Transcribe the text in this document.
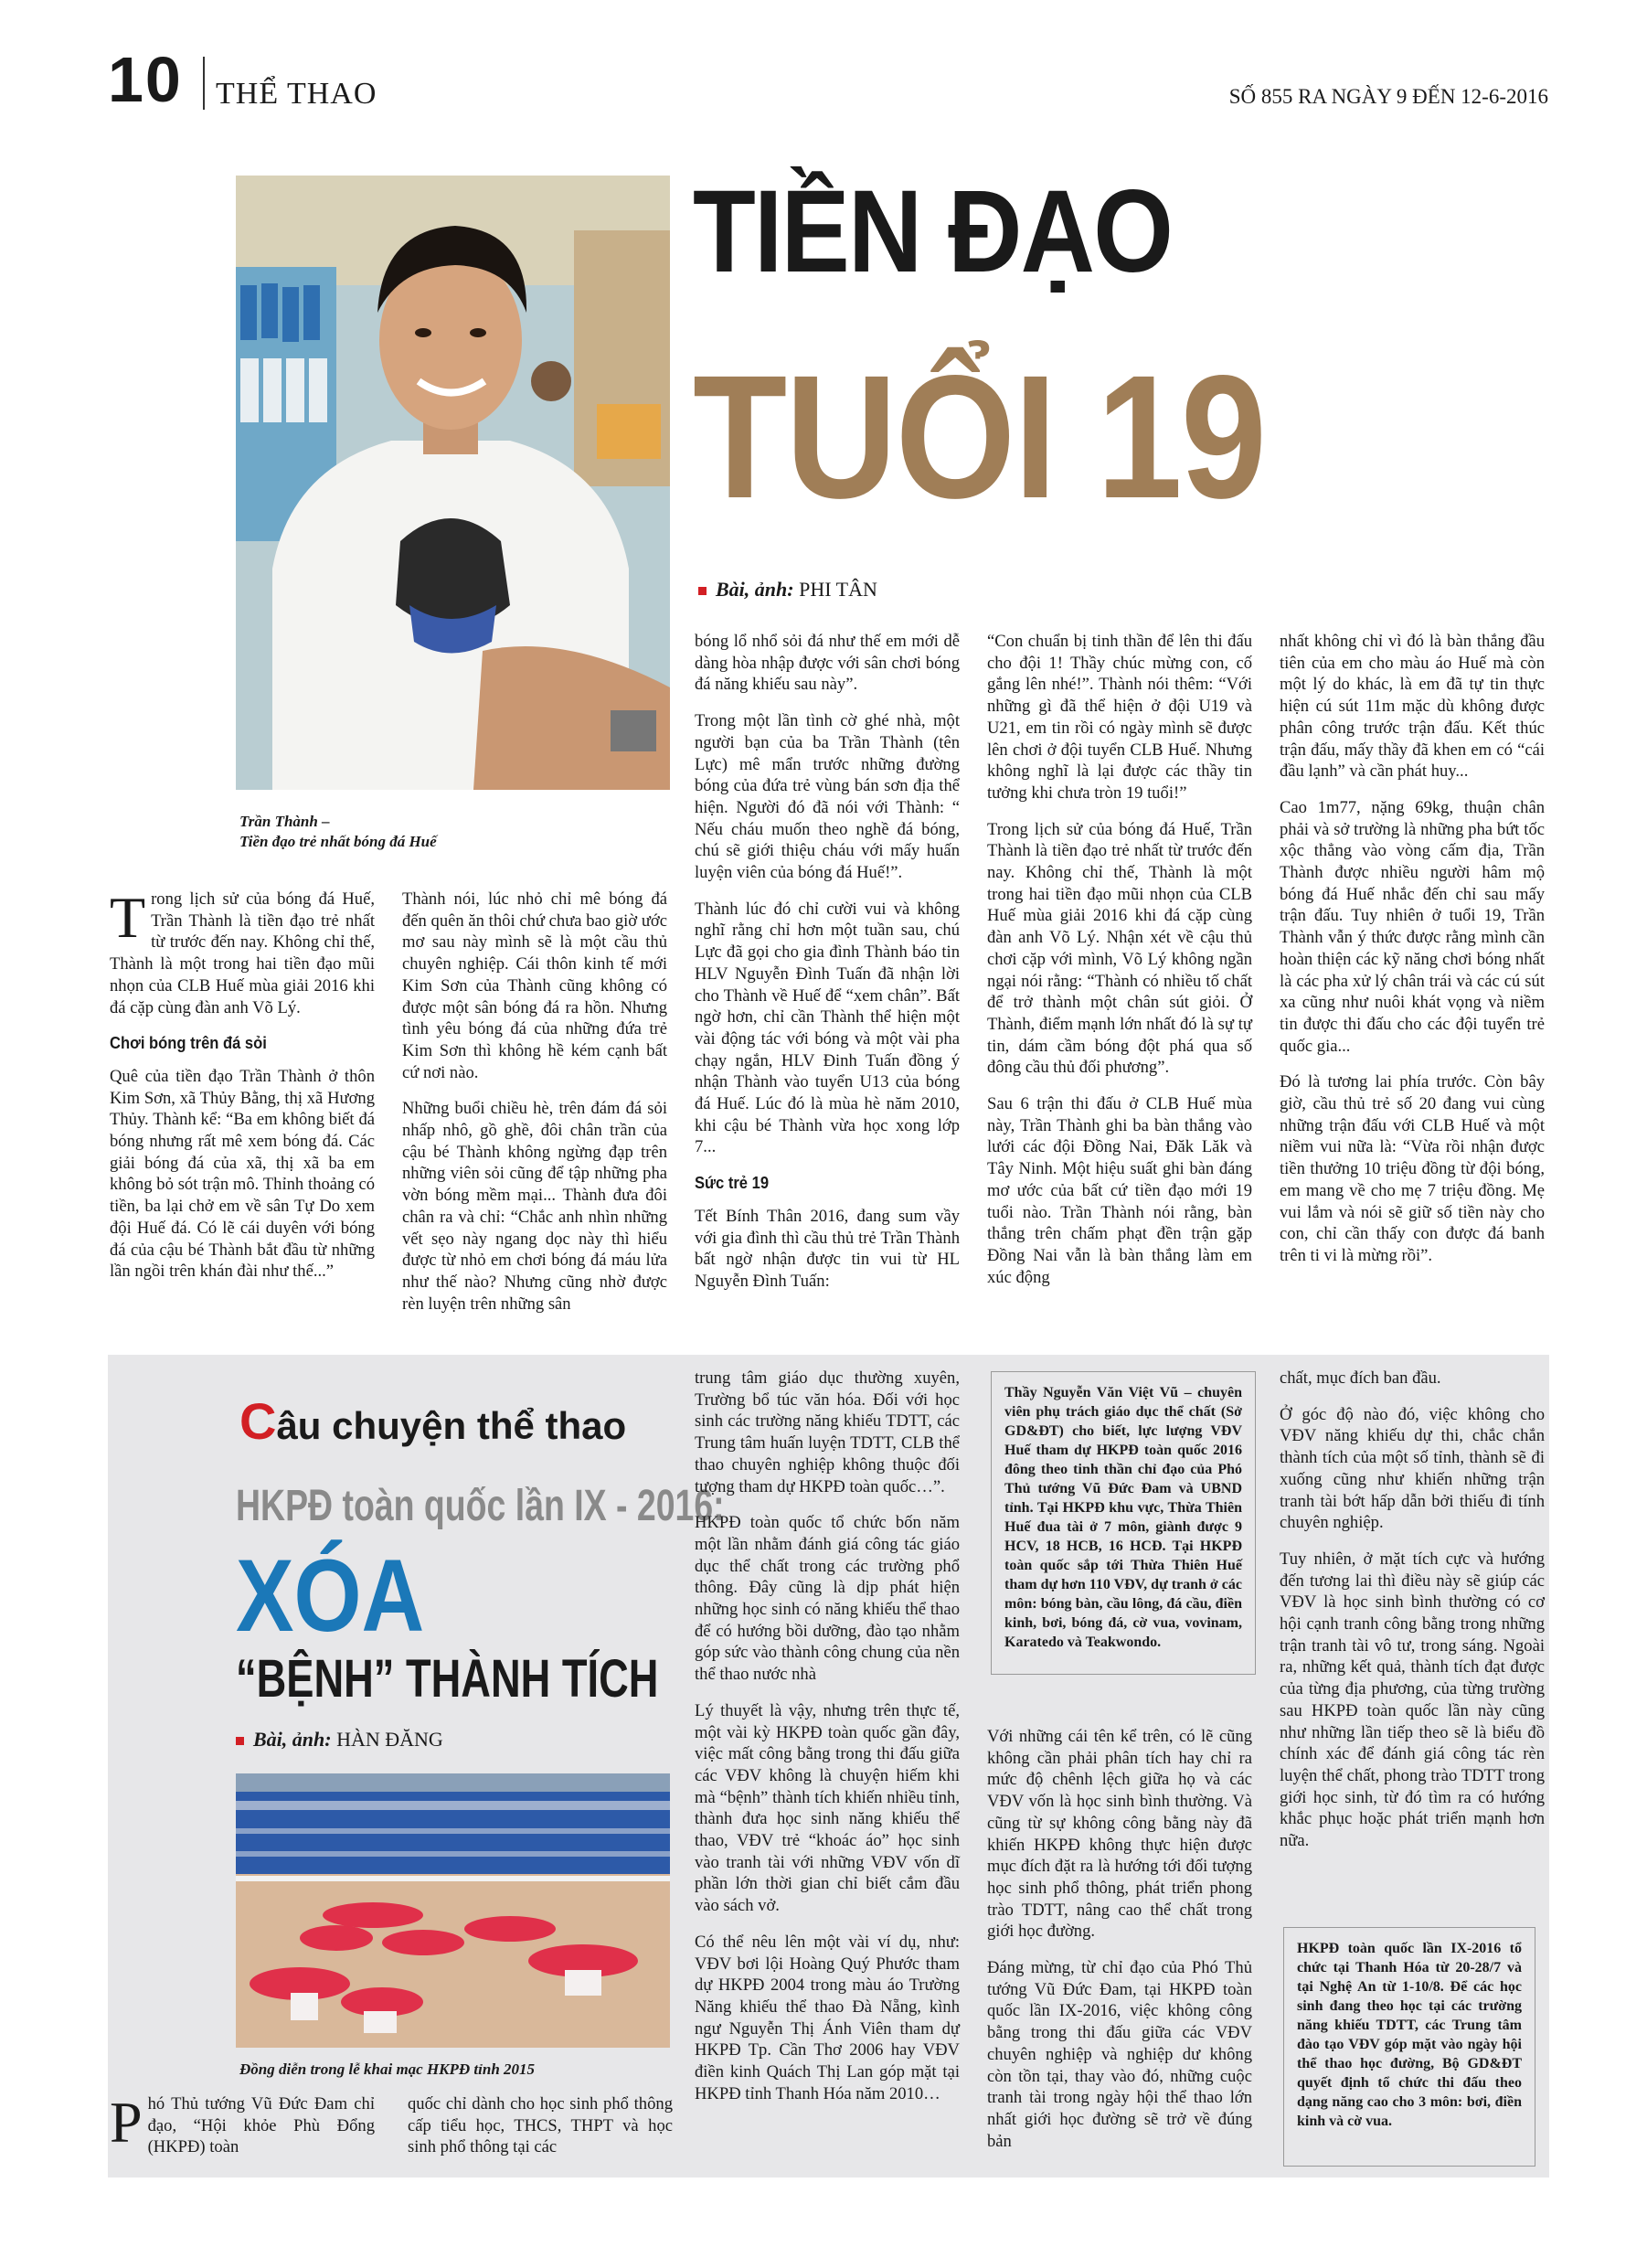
10 THỂ THAO	SỐ 855 RA NGÀY 9 ĐẾN 12-6-2016
Trần Thành –
Tiền đạo trẻ nhất bóng đá Huế
TIỀN ĐẠO
TUỔI 19
Bài, ảnh: PHI TÂN

Trong lịch sử của bóng đá Huế, Trần Thành là tiền đạo trẻ nhất từ trước đến nay. Không chỉ thế, Thành là một trong hai tiền đạo mũi nhọn của CLB Huế mùa giải 2016 khi đá cặp cùng đàn anh Võ Lý.

Chơi bóng trên đá sỏi

Quê của tiền đạo Trần Thành ở thôn Kim Sơn, xã Thủy Bằng, thị xã Hương Thủy. Thành kể: “Ba em không biết đá bóng nhưng rất mê xem bóng đá. Các giải bóng đá của xã, thị xã ba em không bỏ sót trận mô. Thỉnh thoảng có tiền, ba lại chở em về sân Tự Do xem đội Huế đá. Có lẽ cái duyên với bóng đá của cậu bé Thành bắt đầu từ những lần ngồi trên khán đài như thế...”

Thành nói, lúc nhỏ chỉ mê bóng đá đến quên ăn thôi chứ chưa bao giờ ước mơ sau này mình sẽ là một cầu thủ chuyên nghiệp. Cái thôn kinh tế mới Kim Sơn của Thành cũng không có được một sân bóng đá ra hồn. Nhưng tình yêu bóng đá của những đứa trẻ Kim Sơn thì không hề kém cạnh bất cứ nơi nào.

Những buổi chiều hè, trên đám đá sỏi nhấp nhô, gồ ghề, đôi chân trần của cậu bé Thành không ngừng đạp trên những viên sỏi cũng để tập những pha vờn bóng mềm mại... Thành đưa đôi chân ra và chỉ: “Chắc anh nhìn những vết sẹo này ngang dọc này thì hiểu được từ nhỏ em chơi bóng đá máu lửa như thế nào? Nhưng cũng nhờ được rèn luyện trên những sân

bóng lổ nhổ sỏi đá như thế em mới dễ dàng hòa nhập được với sân chơi bóng đá năng khiếu sau này”.

Trong một lần tình cờ ghé nhà, một người bạn của ba Trần Thành (tên Lực) mê mẩn trước những đường bóng của đứa trẻ vùng bán sơn địa thể hiện. Người đó đã nói với Thành: “ Nếu cháu muốn theo nghề đá bóng, chú sẽ giới thiệu cháu với mấy huấn luyện viên của bóng đá Huế!”.

Thành lúc đó chỉ cười vui và không nghĩ rằng chỉ hơn một tuần sau, chú Lực đã gọi cho gia đình Thành báo tin HLV Nguyễn Đình Tuấn đã nhận lời cho Thành về Huế để “xem chân”. Bất ngờ hơn, chỉ cần Thành thể hiện một vài động tác với bóng và một vài pha chạy ngắn, HLV Đinh Tuấn đồng ý nhận Thành vào tuyển U13 của bóng đá Huế. Lúc đó là mùa hè năm 2010, khi cậu bé Thành vừa học xong lớp 7...

Sức trẻ 19

Tết Bính Thân 2016, đang sum vầy với gia đình thì cầu thủ trẻ Trần Thành bất ngờ nhận được tin vui từ HL Nguyễn Đình Tuấn:

“Con chuẩn bị tinh thần để lên thi đấu cho đội 1! Thầy chúc mừng con, cố gắng lên nhé!”. Thành nói thêm: “Với những gì đã thể hiện ở đội U19 và U21, em tin rồi có ngày mình sẽ được lên chơi ở đội tuyển CLB Huế. Nhưng không nghĩ là lại được các thầy tin tưởng khi chưa tròn 19 tuổi!”

Trong lịch sử của bóng đá Huế, Trần Thành là tiền đạo trẻ nhất từ trước đến nay. Không chỉ thế, Thành là một trong hai tiền đạo mũi nhọn của CLB Huế mùa giải 2016 khi đá cặp cùng đàn anh Võ Lý. Nhận xét về cậu thủ chơi cặp với mình, Võ Lý không ngần ngại nói rằng: “Thành có nhiều tố chất để trở thành một chân sút giỏi. Ở Thành, điểm mạnh lớn nhất đó là sự tự tin, dám cầm bóng đột phá qua số đông cầu thủ đối phương”.

Sau 6 trận thi đấu ở CLB Huế mùa này, Trần Thành ghi ba bàn thắng vào lưới các đội Đồng Nai, Đăk Lăk và Tây Ninh. Một hiệu suất ghi bàn đáng mơ ước của bất cứ tiền đạo mới 19 tuổi nào. Trần Thành nói rằng, bàn thắng trên chấm phạt đền trận gặp Đồng Nai vẫn là bàn thắng làm em xúc động

nhất không chỉ vì đó là bàn thắng đầu tiên của em cho màu áo Huế mà còn một lý do khác, là em đã tự tin thực hiện cú sút 11m mặc dù không được phân công trước trận đấu. Kết thúc trận đấu, mấy thầy đã khen em có “cái đầu lạnh” và cần phát huy...

Cao 1m77, nặng 69kg, thuận chân phải và sở trường là những pha bứt tốc xộc thẳng vào vòng cấm địa, Trần Thành được nhiều người hâm mộ bóng đá Huế nhắc đến chỉ sau mấy trận đấu. Tuy nhiên ở tuổi 19, Trần Thành vẫn ý thức được rằng mình cần hoàn thiện các kỹ năng chơi bóng nhất là các pha xử lý chân trái và các cú sút xa cũng như nuôi khát vọng và niềm tin được thi đấu cho các đội tuyển trẻ quốc gia...

Đó là tương lai phía trước. Còn bây giờ, cầu thủ trẻ số 20 đang vui cùng những trận đấu với CLB Huế và một niềm vui nữa là: “Vừa rồi nhận được tiền thưởng 10 triệu đồng từ đội bóng, em mang về cho mẹ 7 triệu đồng. Mẹ vui lắm và nói sẽ giữ số tiền này cho con, chỉ cần thấy con được đá banh trên ti vi là mừng rồi”.

Câu chuyện thể thao
HKPĐ toàn quốc lần IX - 2016:
XÓA
“BỆNH” THÀNH TÍCH
Bài, ảnh: HÀN ĐĂNG
Đồng diễn trong lễ khai mạc HKPĐ tỉnh 2015

Phó Thủ tướng Vũ Đức Đam chỉ đạo, “Hội khỏe Phù Đổng (HKPĐ) toàn

quốc chỉ dành cho học sinh phổ thông cấp tiểu học, THCS, THPT và học sinh phổ thông tại các

trung tâm giáo dục thường xuyên, Trường bổ túc văn hóa. Đối với học sinh các trường năng khiếu TDTT, các Trung tâm huấn luyện TDTT, CLB thể thao chuyên nghiệp không thuộc đối tượng tham dự HKPĐ toàn quốc…”.

HKPĐ toàn quốc tổ chức bốn năm một lần nhằm đánh giá công tác giáo dục thể chất trong các trường phổ thông. Đây cũng là dịp phát hiện những học sinh có năng khiếu thể thao để có hướng bồi dưỡng, đào tạo nhằm góp sức vào thành công chung của nền thể thao nước nhà

Lý thuyết là vậy, nhưng trên thực tế, một vài kỳ HKPĐ toàn quốc gần đây, việc mất công bằng trong thi đấu giữa các VĐV không là chuyện hiếm khi mà “bệnh” thành tích khiến nhiều tỉnh, thành đưa học sinh năng khiếu thể thao, VĐV trẻ “khoác áo” học sinh vào tranh tài với những VĐV vốn dĩ phần lớn thời gian chỉ biết cắm đầu vào sách vở.

Có thể nêu lên một vài ví dụ, như: VĐV bơi lội Hoàng Quý Phước tham dự HKPĐ 2004 trong màu áo Trường Năng khiếu thể thao Đà Nẵng, kình ngư Nguyễn Thị Ánh Viên tham dự HKPĐ Tp. Cần Thơ 2006 hay VĐV điền kinh Quách Thị Lan góp mặt tại HKPĐ tỉnh Thanh Hóa năm 2010…

Thầy Nguyễn Văn Việt Vũ – chuyên viên phụ trách giáo dục thể chất (Sở GD&ĐT) cho biết, lực lượng VĐV Huế tham dự HKPĐ toàn quốc 2016 đông theo tinh thần chỉ đạo của Phó Thủ tướng Vũ Đức Đam và UBND tỉnh. Tại HKPĐ khu vực, Thừa Thiên Huế đua tài ở 7 môn, giành được 9 HCV, 18 HCB, 16 HCĐ. Tại HKPĐ toàn quốc sắp tới Thừa Thiên Huế tham dự hơn 110 VĐV, dự tranh ở các môn: bóng bàn, cầu lông, đá cầu, điền kinh, bơi, bóng đá, cờ vua, vovinam, Karatedo và Teakwondo.

Với những cái tên kể trên, có lẽ cũng không cần phải phân tích hay chỉ ra mức độ chênh lệch giữa họ và các VĐV vốn là học sinh bình thường. Và cũng từ sự không công bằng này đã khiến HKPĐ không thực hiện được mục đích đặt ra là hướng tới đối tượng học sinh phổ thông, phát triển phong trào TDTT, nâng cao thể chất trong giới học đường.

Đáng mừng, từ chỉ đạo của Phó Thủ tướng Vũ Đức Đam, tại HKPĐ toàn quốc lần IX-2016, việc không công bằng trong thi đấu giữa các VĐV chuyên nghiệp và nghiệp dư không còn tồn tại, thay vào đó, những cuộc tranh tài trong ngày hội thể thao lớn nhất giới học đường sẽ trở về đúng bản

chất, mục đích ban đầu.

Ở góc độ nào đó, việc không cho VĐV năng khiếu dự thi, chắc chắn thành tích của một số tỉnh, thành sẽ đi xuống cũng như khiến những trận tranh tài bớt hấp dẫn bởi thiếu đi tính chuyên nghiệp.

Tuy nhiên, ở mặt tích cực và hướng đến tương lai thì điều này sẽ giúp các VĐV là học sinh bình thường có cơ hội cạnh tranh công bằng trong những trận tranh tài vô tư, trong sáng. Ngoài ra, những kết quả, thành tích đạt được của từng địa phương, của từng trường sau HKPĐ toàn quốc lần này cũng như những lần tiếp theo sẽ là biểu đồ chính xác để đánh giá công tác rèn luyện thể chất, phong trào TDTT trong giới học sinh, từ đó tìm ra có hướng khắc phục hoặc phát triển mạnh hơn nữa.

HKPĐ toàn quốc lần IX-2016 tổ chức tại Thanh Hóa từ 20-28/7 và tại Nghệ An từ 1-10/8. Để các học sinh đang theo học tại các trường năng khiếu TDTT, các Trung tâm đào tạo VĐV góp mặt vào ngày hội thể thao học đường, Bộ GD&ĐT quyết định tổ chức thi đấu theo dạng năng cao cho 3 môn: bơi, điền kinh và cờ vua.
